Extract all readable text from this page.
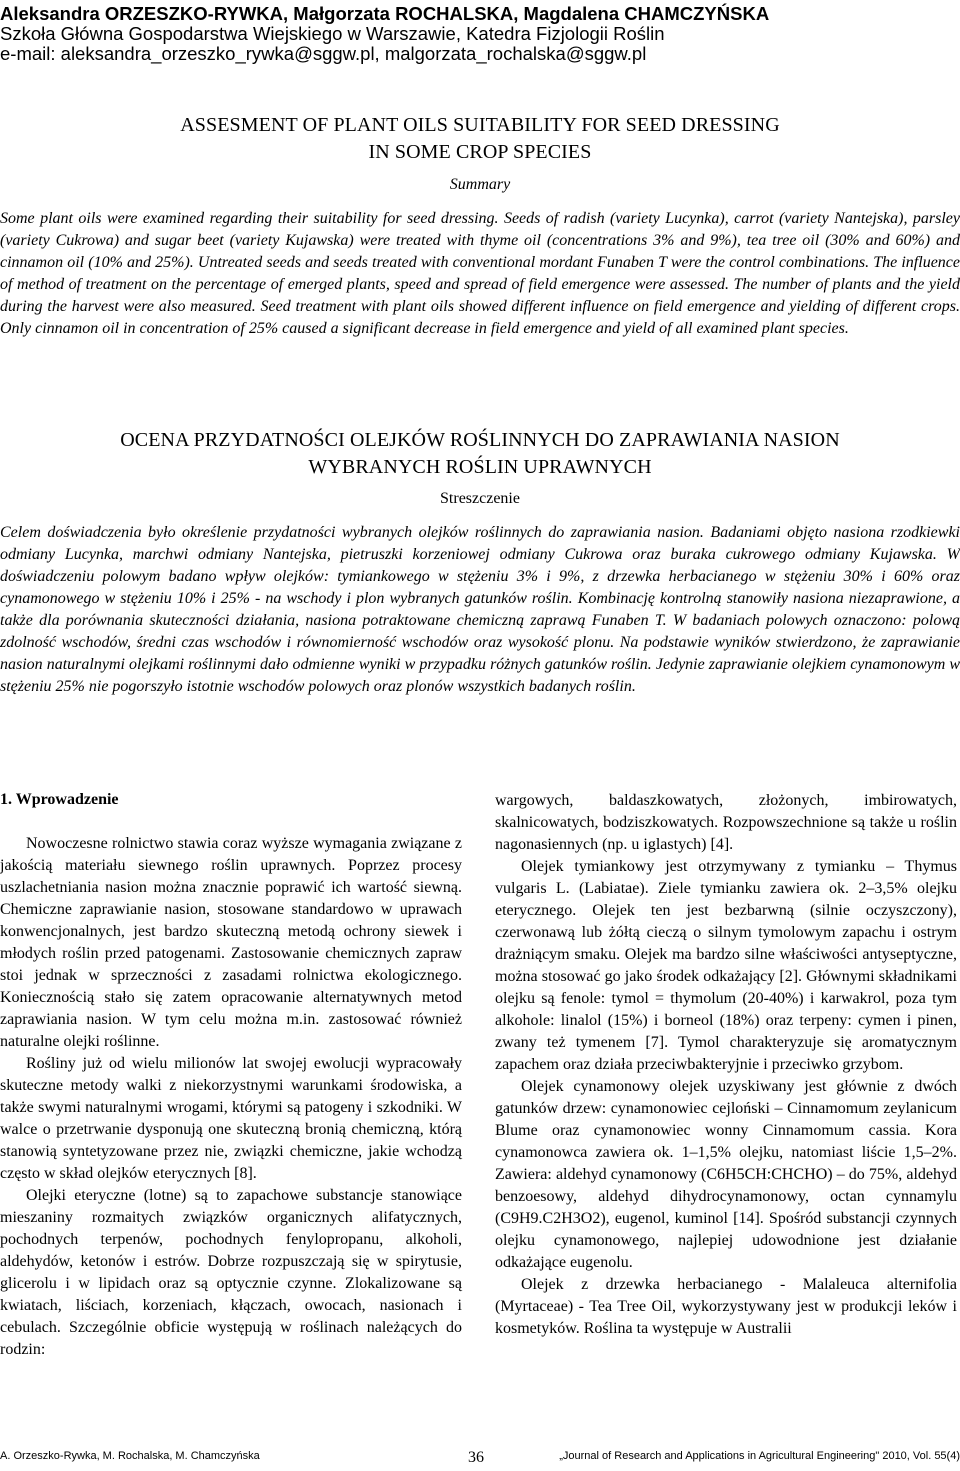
Aleksandra ORZESZKO-RYWKA, Małgorzata ROCHALSKA, Magdalena CHAMCZYŃSKA
Szkoła Główna Gospodarstwa Wiejskiego w Warszawie, Katedra Fizjologii Roślin
e-mail: aleksandra_orzeszko_rywka@sggw.pl, malgorzata_rochalska@sggw.pl
ASSESMENT OF PLANT OILS SUITABILITY FOR SEED DRESSING
IN SOME CROP SPECIES
Summary

Some plant oils were examined regarding their suitability for seed dressing. Seeds of radish (variety Lucynka), carrot (variety Nantejska), parsley (variety Cukrowa) and sugar beet (variety Kujawska) were treated with thyme oil (concentrations 3% and 9%), tea tree oil (30% and 60%) and cinnamon oil (10% and 25%). Untreated seeds and seeds treated with conventional mordant Funaben T were the control combinations. The influence of method of treatment on the percentage of emerged plants, speed and spread of field emergence were assessed. The number of plants and the yield during the harvest were also measured. Seed treatment with plant oils showed different influence on field emergence and yielding of different crops. Only cinnamon oil in concentration of 25% caused a significant decrease in field emergence and yield of all examined plant species.

OCENA PRZYDATNOŚCI OLEJKÓW ROŚLINNYCH DO ZAPRAWIANIA NASION
WYBRANYCH ROŚLIN UPRAWNYCH
Streszczenie

Celem doświadczenia było określenie przydatności wybranych olejków roślinnych do zaprawiania nasion. Badaniami objęto nasiona rzodkiewki odmiany Lucynka, marchwi odmiany Nantejska, pietruszki korzeniowej odmiany Cukrowa oraz buraka cukrowego odmiany Kujawska. W doświadczeniu polowym badano wpływ olejków: tymiankowego w stężeniu 3% i 9%, z drzewka herbacianego w stężeniu 30% i 60% oraz cynamonowego w stężeniu 10% i 25% - na wschody i plon wybranych gatunków roślin. Kombinację kontrolną stanowiły nasiona niezaprawione, a także dla porównania skuteczności działania, nasiona potraktowane chemiczną zaprawą Funaben T. W badaniach polowych oznaczono: polową zdolność wschodów, średni czas wschodów i równomierność wschodów oraz wysokość plonu. Na podstawie wyników stwierdzono, że zaprawianie nasion naturalnymi olejkami roślinnymi dało odmienne wyniki w przypadku różnych gatunków roślin. Jedynie zaprawianie olejkiem cynamonowym w stężeniu 25% nie pogorszyło istotnie wschodów polowych oraz plonów wszystkich badanych roślin.

1. Wprowadzenie

Nowoczesne rolnictwo stawia coraz wyższe wymagania związane z jakością materiału siewnego roślin uprawnych. Poprzez procesy uszlachetniania nasion można znacznie poprawić ich wartość siewną. Chemiczne zaprawianie nasion, stosowane standardowo w uprawach konwencjonalnych, jest bardzo skuteczną metodą ochrony siewek i młodych roślin przed patogenami. Zastosowanie chemicznych zapraw stoi jednak w sprzeczności z zasadami rolnictwa ekologicznego. Koniecznością stało się zatem opracowanie alternatywnych metod zaprawiania nasion. W tym celu można m.in. zastosować również naturalne olejki roślinne.

Rośliny już od wielu milionów lat swojej ewolucji wypracowały skuteczne metody walki z niekorzystnymi warunkami środowiska, a także swymi naturalnymi wrogami, którymi są patogeny i szkodniki. W walce o przetrwanie dysponują one skuteczną bronią chemiczną, którą stanowią syntetyzowane przez nie, związki chemiczne, jakie wchodzą często w skład olejków eterycznych [8].

Olejki eteryczne (lotne) są to zapachowe substancje stanowiące mieszaniny rozmaitych związków organicznych alifatycznych, pochodnych terpenów, pochodnych fenylopropanu, alkoholi, aldehydów, ketonów i estrów. Dobrze rozpuszczają się w spirytusie, glicerolu i w lipidach oraz są optycznie czynne. Zlokalizowane są kwiatach, liściach, korzeniach, kłączach, owocach, nasionach i cebulach. Szczególnie obficie występują w roślinach należących do rodzin:

wargowych, baldaszkowatych, złożonych, imbirowatych, skalnicowatych, bodziszkowatych. Rozpowszechnione są także u roślin nagonasiennych (np. u iglastych) [4].

Olejek tymiankowy jest otrzymywany z tymianku – Thymus vulgaris L. (Labiatae). Ziele tymianku zawiera ok. 2–3,5% olejku eterycznego. Olejek ten jest bezbarwną (silnie oczyszczony), czerwonawą lub żółtą cieczą o silnym tymolowym zapachu i ostrym drażniącym smaku. Olejek ma bardzo silne właściwości antyseptyczne, można stosować go jako środek odkażający [2]. Głównymi składnikami olejku są fenole: tymol = thymolum (20-40%) i karwakrol, poza tym alkohole: linalol (15%) i borneol (18%) oraz terpeny: cymen i pinen, zwany też tymenem [7]. Tymol charakteryzuje się aromatycznym zapachem oraz działa przeciwbakteryjnie i przeciwko grzybom.

Olejek cynamonowy olejek uzyskiwany jest głównie z dwóch gatunków drzew: cynamonowiec cejloński – Cinnamomum zeylanicum Blume oraz cynamonowiec wonny Cinnamomum cassia. Kora cynamonowca zawiera ok. 1–1,5% olejku, natomiast liście 1,5–2%. Zawiera: aldehyd cynamonowy (C6H5CH:CHCHO) – do 75%, aldehyd benzoesowy, aldehyd dihydrocynamonowy, octan cynnamylu (C9H9.C2H3O2), eugenol, kuminol [14]. Spośród substancji czynnych olejku cynamonowego, najlepiej udowodnione jest działanie odkażające eugenolu.

Olejek z drzewka herbacianego - Malaleuca alternifolia (Myrtaceae) - Tea Tree Oil, wykorzystywany jest w produkcji leków i kosmetyków. Roślina ta występuje w Australii

A. Orzeszko-Rywka, M. Rochalska, M. Chamczyńska	36	„Journal of Research and Applications in Agricultural Engineering" 2010, Vol. 55(4)
